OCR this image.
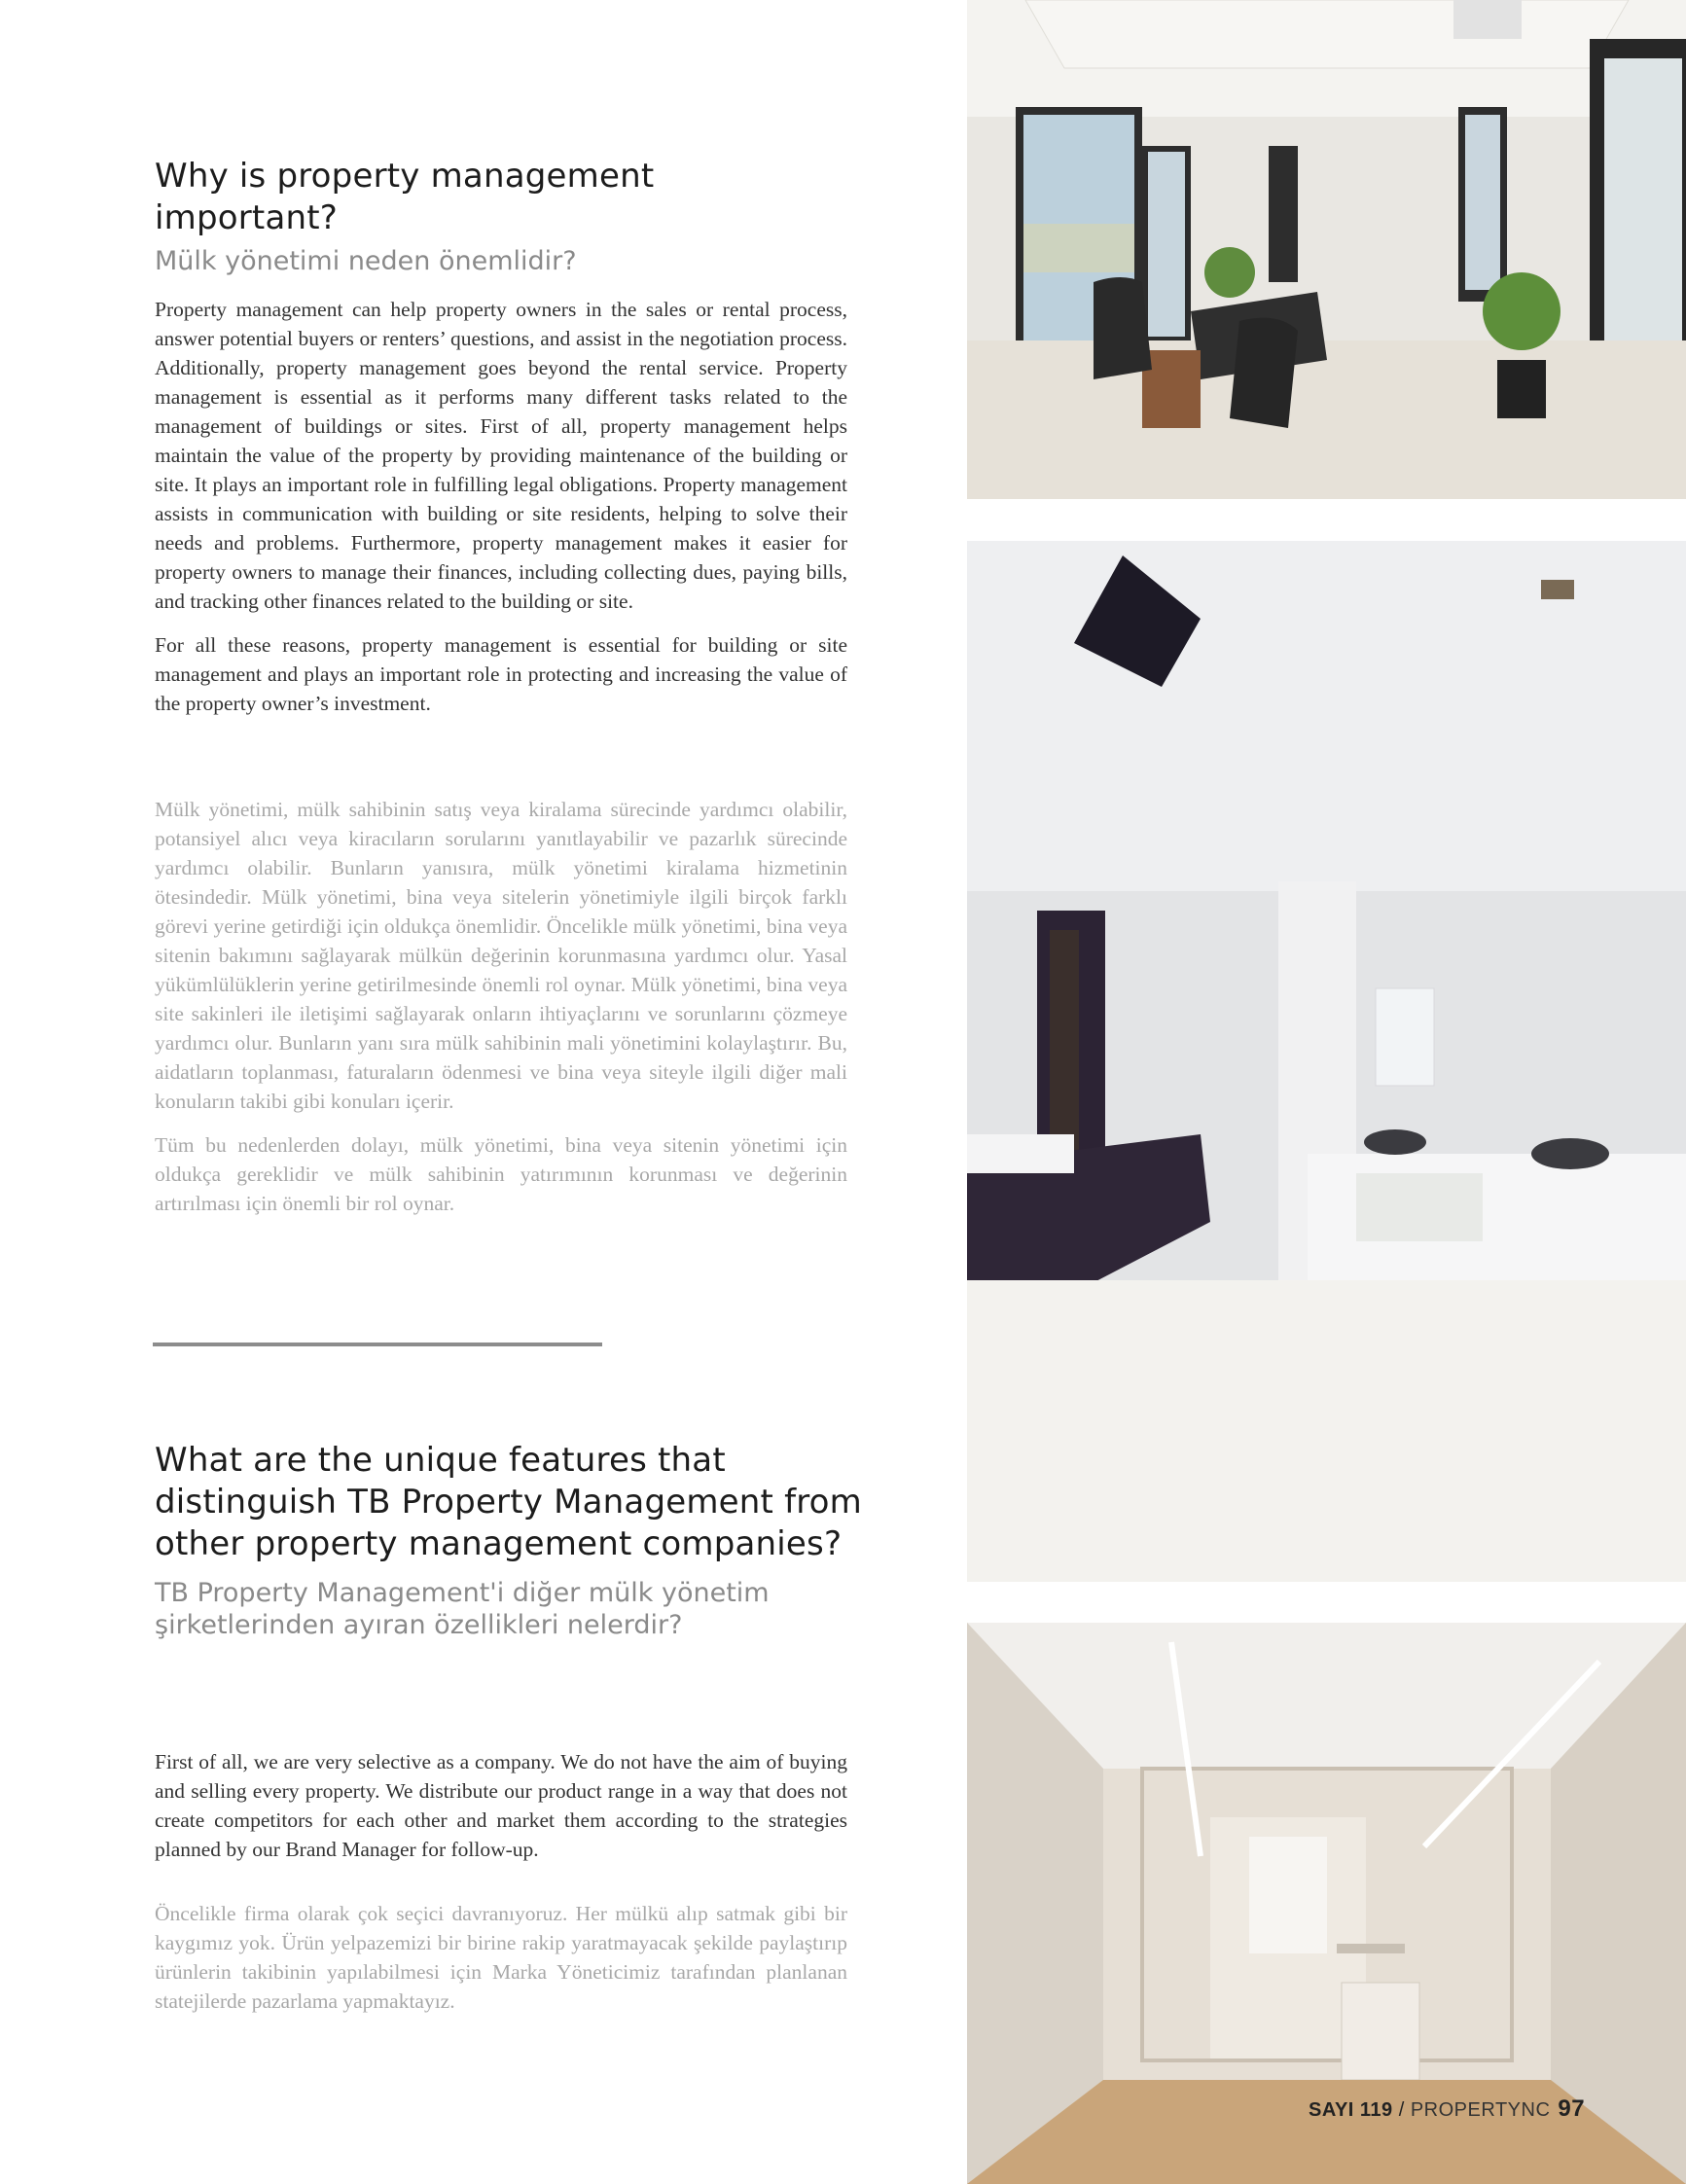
Why is property management important?
Mülk yönetimi neden önemlidir?

Property management can help property owners in the sales or rental process, answer potential buyers or renters’ questions, and assist in the negotiation process. Additionally, property management goes beyond the rental service. Property management is essential as it performs many different tasks related to the management of buildings or sites. First of all, property management helps maintain the value of the property by providing maintenance of the building or site. It plays an important role in fulfilling legal obligations. Property management assists in communication with building or site residents, helping to solve their needs and problems. Furthermore, property management makes it easier for property owners to manage their finances, including collecting dues, paying bills, and tracking other finances related to the building or site.

For all these reasons, property management is essential for building or site management and plays an important role in protecting and increasing the value of the property owner’s investment.

Mülk yönetimi, mülk sahibinin satış veya kiralama sürecinde yardımcı olabilir, potansiyel alıcı veya kiracıların sorularını yanıtlayabilir ve pazarlık sürecinde yardımcı olabilir. Bunların yanısıra, mülk yönetimi kiralama hizmetinin ötesindedir. Mülk yönetimi, bina veya sitelerin yönetimiyle ilgili birçok farklı görevi yerine getirdiği için oldukça önemlidir. Öncelikle mülk yönetimi, bina veya sitenin bakımını sağlayarak mülkün değerinin korunmasına yardımcı olur. Yasal yükümlülüklerin yerine getirilmesinde önemli rol oynar. Mülk yönetimi, bina veya site sakinleri ile iletişimi sağlayarak onların ihtiyaçlarını ve sorunlarını çözmeye yardımcı olur. Bunların yanı sıra mülk sahibinin mali yönetimini kolaylaştırır. Bu, aidatların toplanması, faturaların ödenmesi ve bina veya siteyle ilgili diğer mali konuların takibi gibi konuları içerir.

Tüm bu nedenlerden dolayı, mülk yönetimi, bina veya sitenin yönetimi için oldukça gereklidir ve mülk sahibinin yatırımının korunması ve değerinin artırılması için önemli bir rol oynar.

What are the unique features that distinguish TB Property Management from other property management companies?
TB Property Management'i diğer mülk yönetim şirketlerinden ayıran özellikleri nelerdir?

First of all, we are very selective as a company. We do not have the aim of buying and selling every property. We distribute our product range in a way that does not create competitors for each other and market them according to the strategies planned by our Brand Manager for follow-up.

Öncelikle firma olarak çok seçici davranıyoruz. Her mülkü alıp satmak gibi bir kaygımız yok. Ürün yelpazemizi bir birine rakip yaratmayacak şekilde paylaştırıp ürünlerin takibinin yapılabilmesi için Marka Yöneticimiz tarafından planlanan statejilerde pazarlama yapmaktayız.

SAYI 119 / PROPERTYNC 97
